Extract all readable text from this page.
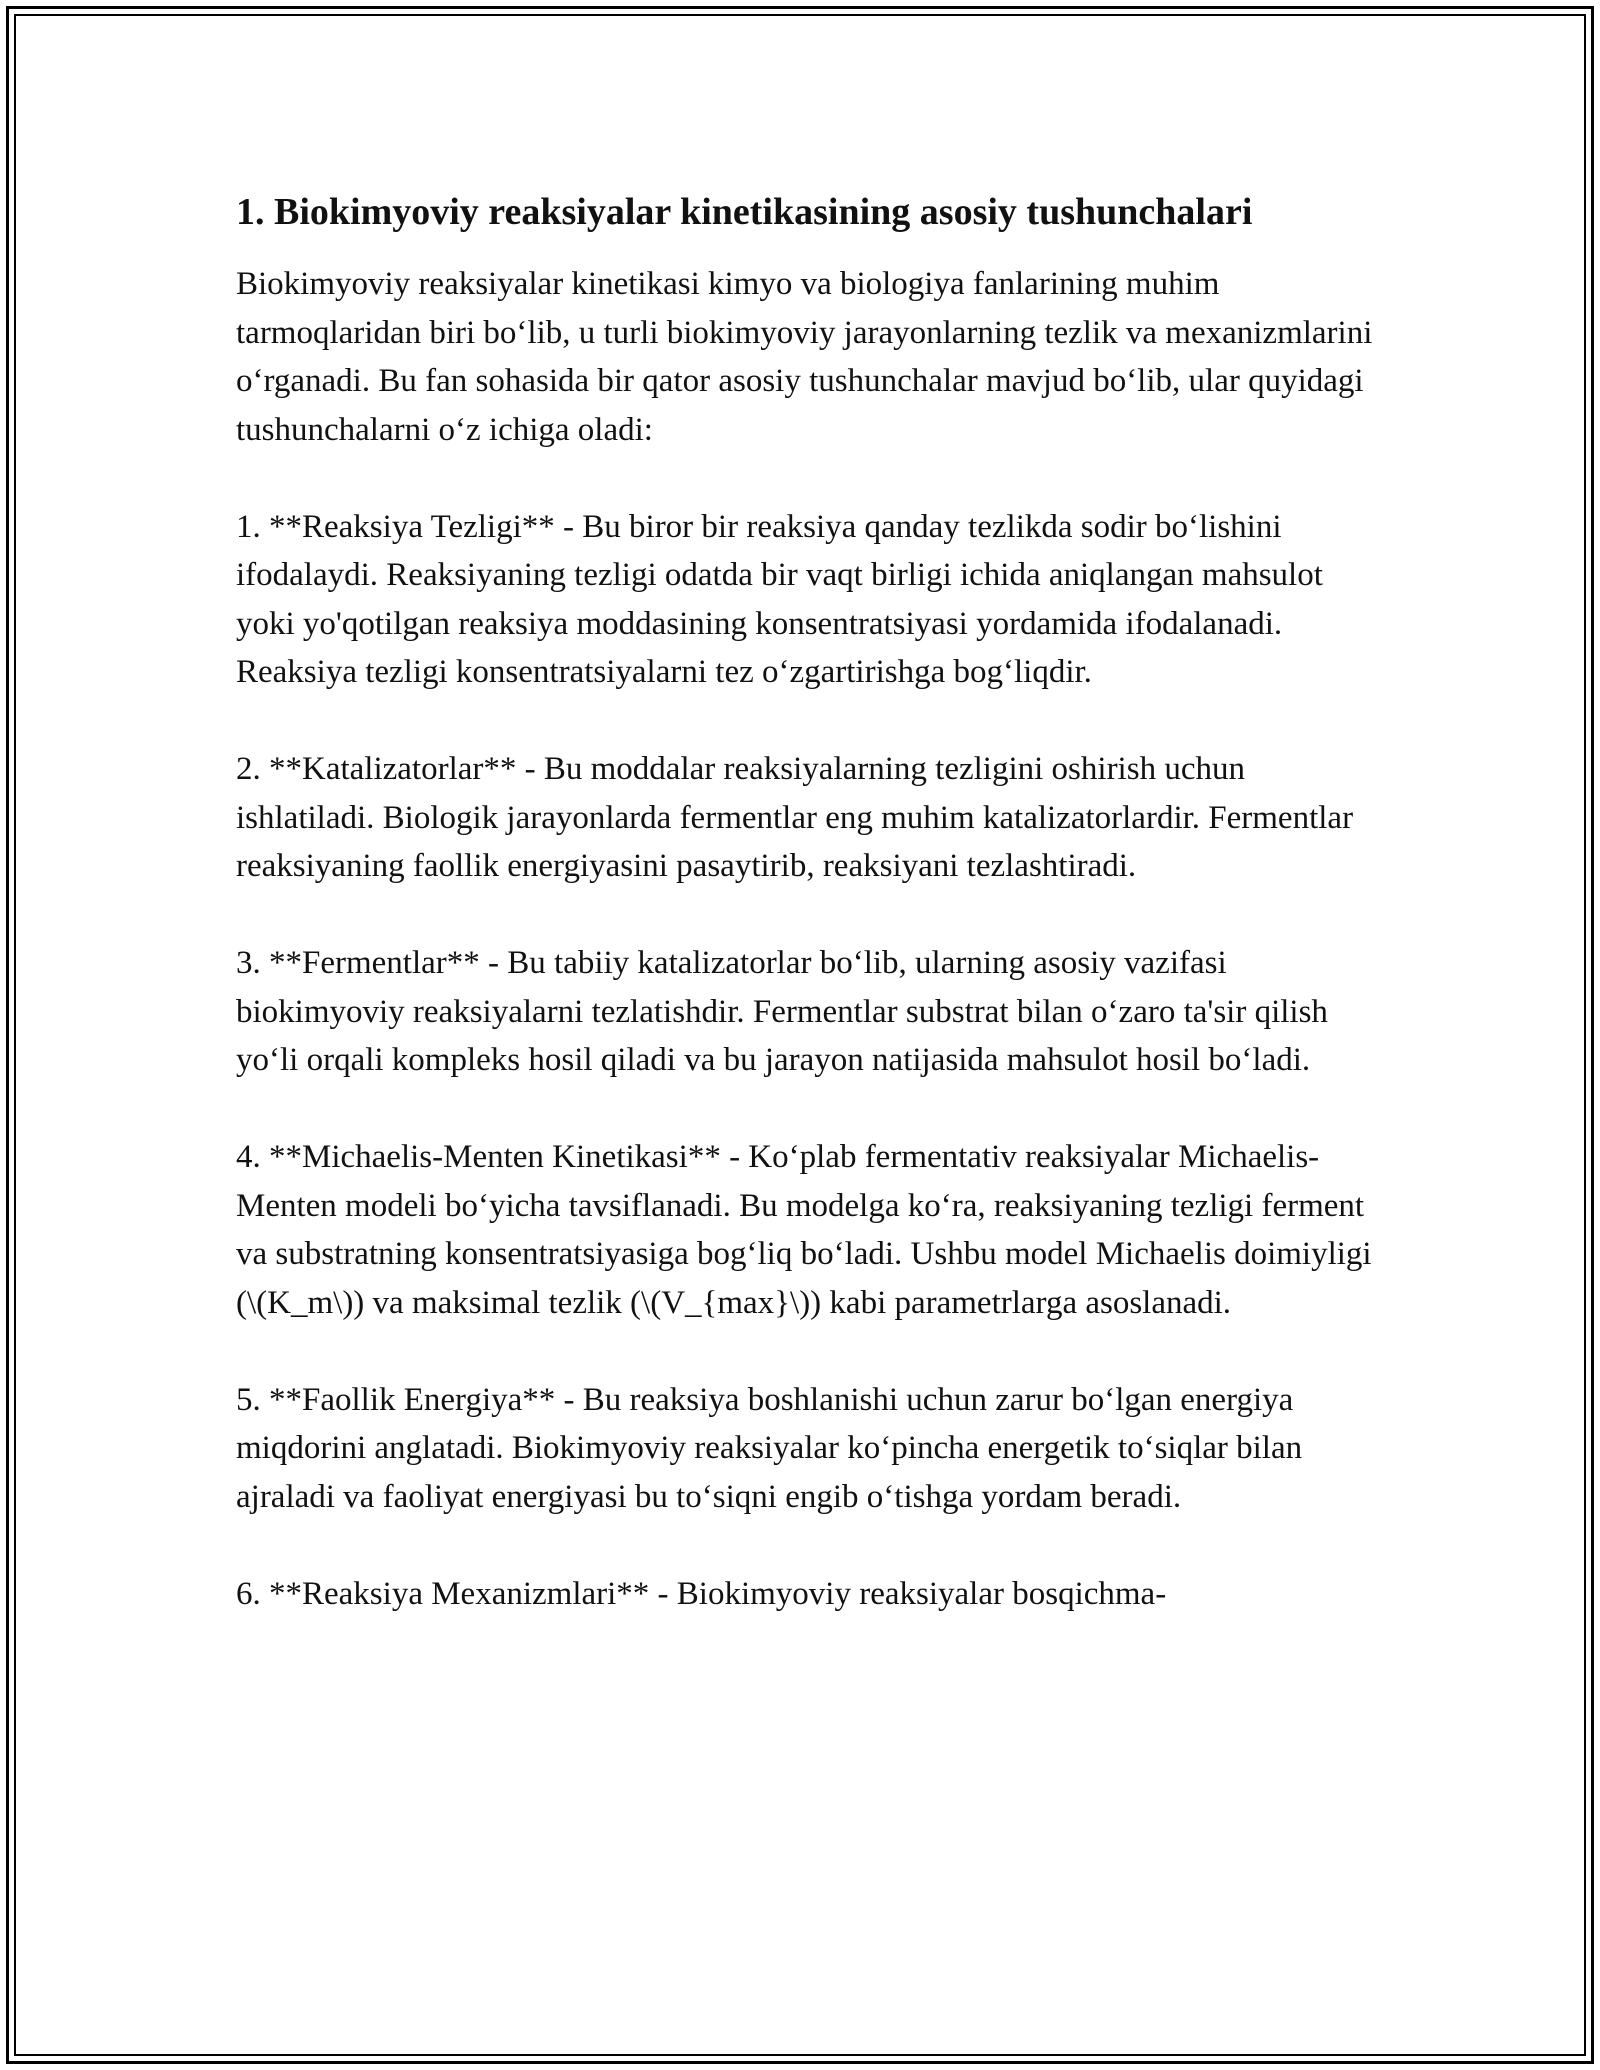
1. Biokimyoviy reaksiyalar kinetikasining asosiy tushunchalari

Biokimyoviy reaksiyalar kinetikasi kimyo va biologiya fanlarining muhim tarmoqlaridan biri boʻlib, u turli biokimyoviy jarayonlarning tezlik va mexanizmlarini oʻrganadi. Bu fan sohasida bir qator asosiy tushunchalar mavjud boʻlib, ular quyidagi tushunchalarni oʻz ichiga oladi:

1. **Reaksiya Tezligi** - Bu biror bir reaksiya qanday tezlikda sodir boʻlishini ifodalaydi. Reaksiyaning tezligi odatda bir vaqt birligi ichida aniqlangan mahsulot yoki yo'qotilgan reaksiya moddasining konsentratsiyasi yordamida ifodalanadi. Reaksiya tezligi konsentratsiyalarni tez oʻzgartirishga bogʻliqdir.

2. **Katalizatorlar** - Bu moddalar reaksiyalarning tezligini oshirish uchun ishlatiladi. Biologik jarayonlarda fermentlar eng muhim katalizatorlardir. Fermentlar reaksiyaning faollik energiyasini pasaytirib, reaksiyani tezlashtiradi.

3. **Fermentlar** - Bu tabiiy katalizatorlar boʻlib, ularning asosiy vazifasi biokimyoviy reaksiyalarni tezlatishdir. Fermentlar substrat bilan oʻzaro ta'sir qilish yoʻli orqali kompleks hosil qiladi va bu jarayon natijasida mahsulot hosil boʻladi.

4. **Michaelis-Menten Kinetikasi** - Koʻplab fermentativ reaksiyalar Michaelis-Menten modeli boʻyicha tavsiflanadi. Bu modelga koʻra, reaksiyaning tezligi ferment va substratning konsentratsiyasiga bogʻliq boʻladi. Ushbu model Michaelis doimiyligi (\(K_m\)) va maksimal tezlik (\(V_{max}\)) kabi parametrlarga asoslanadi.

5. **Faollik Energiya** - Bu reaksiya boshlanishi uchun zarur boʻlgan energiya miqdorini anglatadi. Biokimyoviy reaksiyalar koʻpincha energetik toʻsiqlar bilan ajraladi va faoliyat energiyasi bu toʻsiqni engib oʻtishga yordam beradi.

6. **Reaksiya Mexanizmlari** - Biokimyoviy reaksiyalar bosqichma-
